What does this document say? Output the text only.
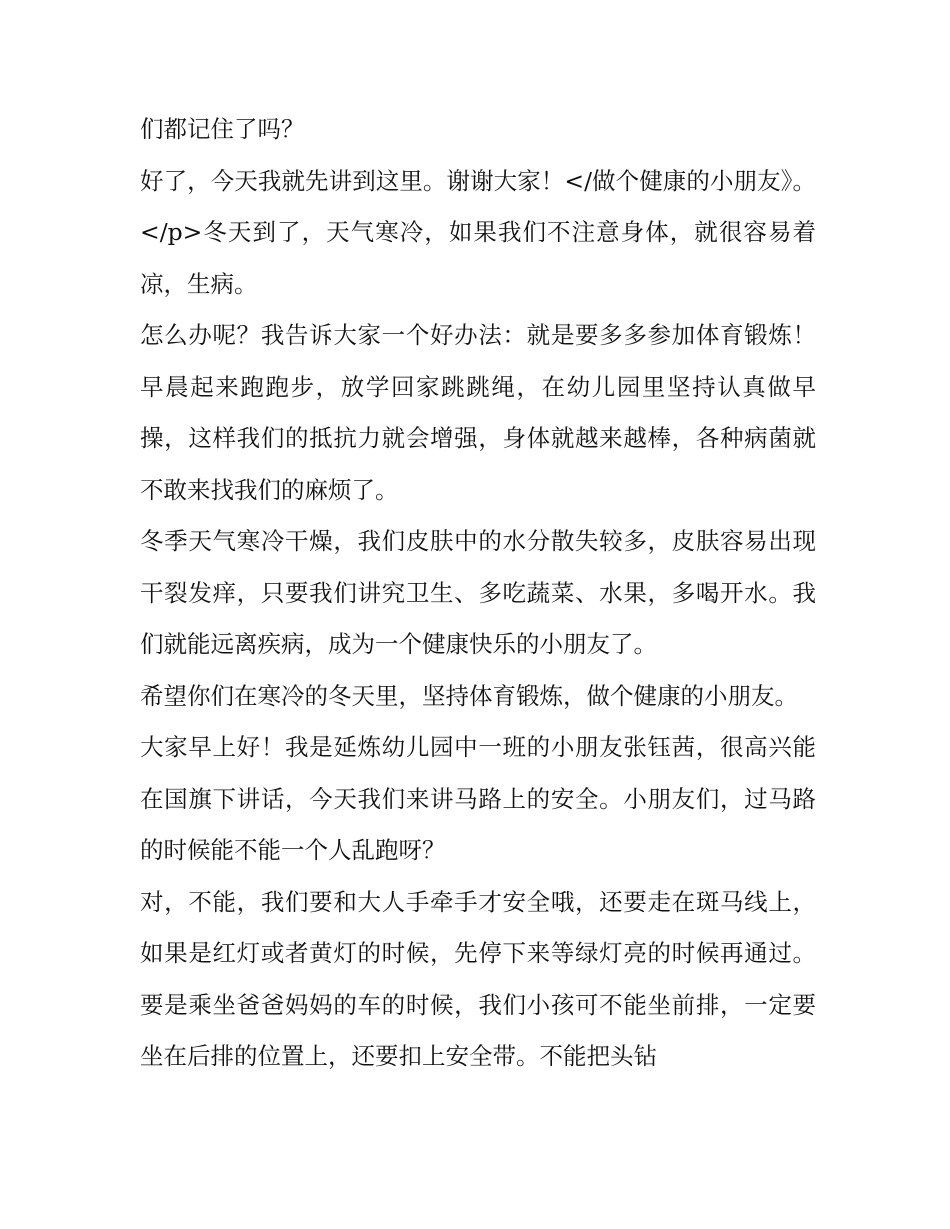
们都记住了吗？

好了，今天我就先讲到这里。谢谢大家！</做个健康的小朋友》。</p>冬天到了，天气寒冷，如果我们不注意身体，就很容易着凉，生病。

怎么办呢？我告诉大家一个好办法：就是要多多参加体育锻炼！早晨起来跑跑步，放学回家跳跳绳，在幼儿园里坚持认真做早操，这样我们的抵抗力就会增强，身体就越来越棒，各种病菌就不敢来找我们的麻烦了。

冬季天气寒冷干燥，我们皮肤中的水分散失较多，皮肤容易出现干裂发痒，只要我们讲究卫生、多吃蔬菜、水果，多喝开水。我们就能远离疾病，成为一个健康快乐的小朋友了。

希望你们在寒冷的冬天里，坚持体育锻炼，做个健康的小朋友。

大家早上好！我是延炼幼儿园中一班的小朋友张钰茜，很高兴能在国旗下讲话，今天我们来讲马路上的安全。小朋友们，过马路的时候能不能一个人乱跑呀？

对，不能，我们要和大人手牵手才安全哦，还要走在斑马线上，如果是红灯或者黄灯的时候，先停下来等绿灯亮的时候再通过。要是乘坐爸爸妈妈的车的时候，我们小孩可不能坐前排，一定要坐在后排的位置上，还要扣上安全带。不能把头钻
